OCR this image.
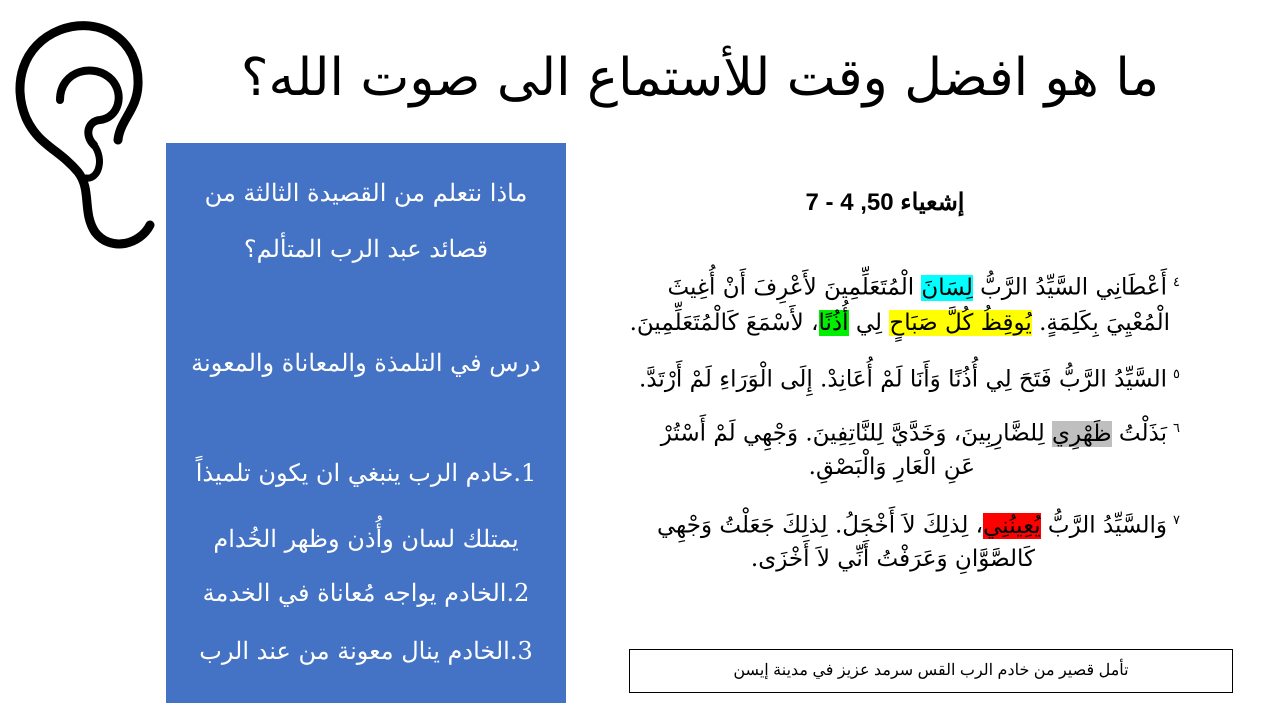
ما هو افضل وقت للأستماع الى صوت الله؟
ماذا نتعلم من القصيدة الثالثة من
قصائد عبد الرب المتألم؟
درس في التلمذة والمعاناة والمعونة
1.خادم الرب ينبغي ان يكون تلميذاً
يمتلك لسان وأُذن وظهر الخُدام
2.الخادم يواجه مُعاناة في الخدمة
3.الخادم ينال معونة من عند الرب
إشعياء 50, 4 - 7
$^٤$أَعْطَانِي السَّيِّدُ الرَّبُّ لِسَانَ الْمُتَعَلِّمِينَ لأَعْرِفَ أَنْ أُغِيثَ
الْمُعْيِيَ بِكَلِمَةٍ. يُوقِظُ كُلَّ صَبَاحٍ لِي أُذُنًا، لأَسْمَعَ كَالْمُتَعَلِّمِينَ.
$^٥$السَّيِّدُ الرَّبُّ فَتَحَ لِي أُذُنًا وَأَنَا لَمْ أُعَانِدْ. إِلَى الْوَرَاءِ لَمْ أَرْتَدَّ.
$^٦$بَذَلْتُ ظَهْرِي لِلضَّارِبِينَ، وَخَدَّيَّ لِلنَّاتِفِينَ. وَجْهِي لَمْ أَسْتُرْ
عَنِ الْعَارِ وَالْبَصْقِ.
$^٧$وَالسَّيِّدُ الرَّبُّ يُعِينُنِي، لِذلِكَ لاَ أَخْجَلُ. لِذلِكَ جَعَلْتُ وَجْهِي
كَالصَّوَّانِ وَعَرَفْتُ أَنِّي لاَ أَخْزَى.
تأمل قصير من خادم الرب القس سرمد عزيز في مدينة إيسن
